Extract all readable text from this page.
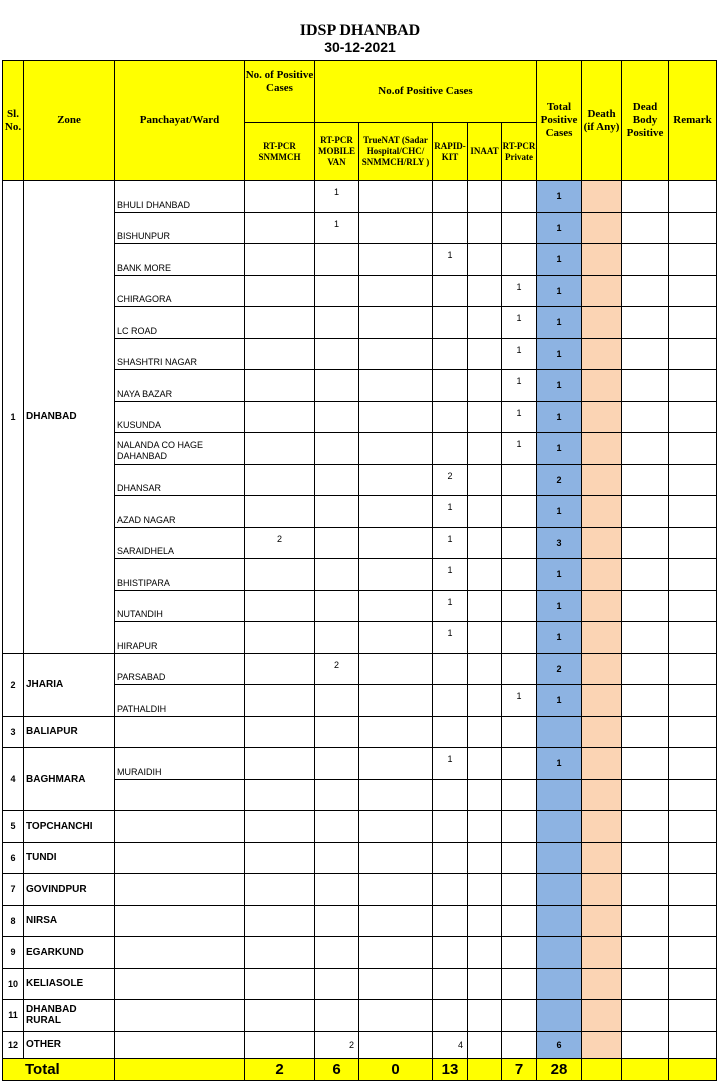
IDSP DHANBAD
30-12-2021
Sl. No.	Zone	Panchayat/Ward	No. of Positive Cases	No.of Positive Cases					Total Positive Cases	Death (if Any)	Dead Body Positive	Remark
			RT-PCR SNMMCH	RT-PCR MOBILE VAN	TrueNAT (Sadar Hospital/CHC/ SNMMCH/RLY )	RAPID-KIT	INAAT	RT-PCR Private				
1	DHANBAD	BHULI DHANBAD		1					1			
		BISHUNPUR		1					1			
		BANK MORE				1			1			
		CHIRAGORA						1	1			
		LC ROAD						1	1			
		SHASHTRI NAGAR						1	1			
		NAYA BAZAR						1	1			
		KUSUNDA						1	1			
		NALANDA CO HAGE DAHANBAD						1	1			
		DHANSAR				2			2			
		AZAD NAGAR				1			1			
		SARAIDHELA	2			1			3			
		BHISTIPARA				1			1			
		NUTANDIH				1			1			
		HIRAPUR				1			1			
2	JHARIA	PARSABAD		2					2			
		PATHALDIH						1	1			
3	BALIAPUR											
4	BAGHMARA	MURAIDIH				1			1			

5	TOPCHANCHI											
6	TUNDI											
7	GOVINDPUR											
8	NIRSA											
9	EGARKUND											
10	KELIASOLE											
11	DHANBAD RURAL											
12	OTHER			2		4			6			
Total			2	6	0	13		7	28			
